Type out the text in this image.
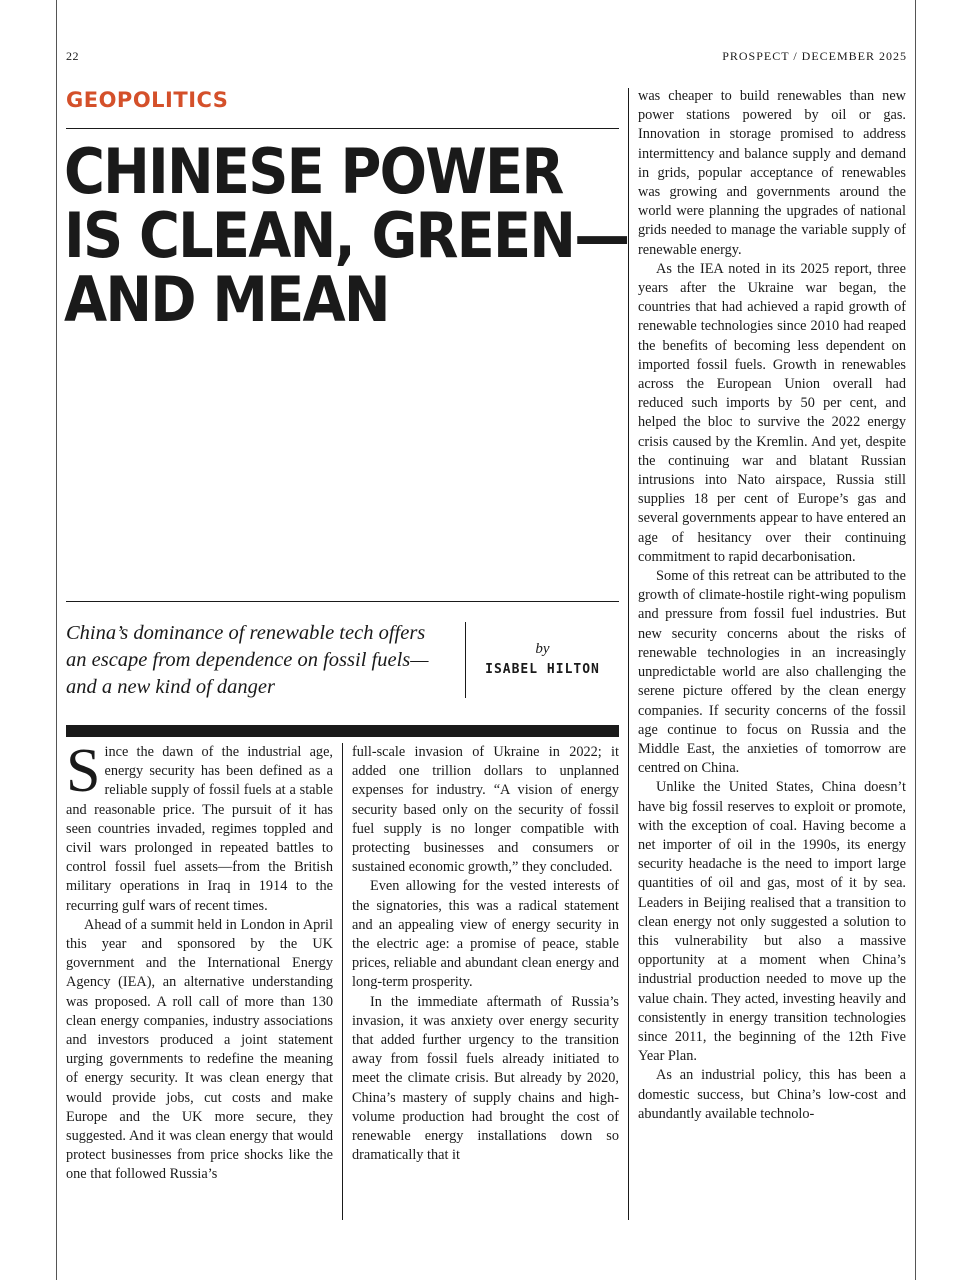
22	PROSPECT / DECEMBER 2025
GEOPOLITICS
CHINESE POWER
IS CLEAN, GREEN—
AND MEAN

China’s dominance of renewable tech offers
an escape from dependence on fossil fuels—
and a new kind of danger

by
ISABEL HILTON

Since the dawn of the industrial age, energy security has been defined as a reliable supply of fossil fuels at a stable and reasonable price. The pursuit of it has seen countries invaded, regimes toppled and civil wars prolonged in repeated battles to control fossil fuel assets—from the British military operations in Iraq in 1914 to the recurring gulf wars of recent times.

Ahead of a summit held in London in April this year and sponsored by the UK government and the International Energy Agency (IEA), an alternative understanding was proposed. A roll call of more than 130 clean energy companies, industry associations and investors produced a joint statement urging governments to redefine the meaning of energy security. It was clean energy that would provide jobs, cut costs and make Europe and the UK more secure, they suggested. And it was clean energy that would protect businesses from price shocks like the one that followed Russia’s

full-scale invasion of Ukraine in 2022; it added one trillion dollars to unplanned expenses for industry. “A vision of energy security based only on the security of fossil fuel supply is no longer compatible with protecting businesses and consumers or sustained economic growth,” they concluded.

Even allowing for the vested interests of the signatories, this was a radical statement and an appealing view of energy security in the electric age: a promise of peace, stable prices, reliable and abundant clean energy and long-term prosperity.

In the immediate aftermath of Russia’s invasion, it was anxiety over energy security that added further urgency to the transition away from fossil fuels already initiated to meet the climate crisis. But already by 2020, China’s mastery of supply chains and high-volume production had brought the cost of renewable energy installations down so dramatically that it

was cheaper to build renewables than new power stations powered by oil or gas. Innovation in storage promised to address intermittency and balance supply and demand in grids, popular acceptance of renewables was growing and governments around the world were planning the upgrades of national grids needed to manage the variable supply of renewable energy.

As the IEA noted in its 2025 report, three years after the Ukraine war began, the countries that had achieved a rapid growth of renewable technologies since 2010 had reaped the benefits of becoming less dependent on imported fossil fuels. Growth in renewables across the European Union overall had reduced such imports by 50 per cent, and helped the bloc to survive the 2022 energy crisis caused by the Kremlin. And yet, despite the continuing war and blatant Russian intrusions into Nato airspace, Russia still supplies 18 per cent of Europe’s gas and several governments appear to have entered an age of hesitancy over their continuing commitment to rapid decarbonisation.

Some of this retreat can be attributed to the growth of climate-hostile right-wing populism and pressure from fossil fuel industries. But new security concerns about the risks of renewable technologies in an increasingly unpredictable world are also challenging the serene picture offered by the clean energy companies. If security concerns of the fossil age continue to focus on Russia and the Middle East, the anxieties of tomorrow are centred on China.

Unlike the United States, China doesn’t have big fossil reserves to exploit or promote, with the exception of coal. Having become a net importer of oil in the 1990s, its energy security headache is the need to import large quantities of oil and gas, most of it by sea. Leaders in Beijing realised that a transition to clean energy not only suggested a solution to this vulnerability but also a massive opportunity at a moment when China’s industrial production needed to move up the value chain. They acted, investing heavily and consistently in energy transition technologies since 2011, the beginning of the 12th Five Year Plan.

As an industrial policy, this has been a domestic success, but China’s low-cost and abundantly available technolo-
